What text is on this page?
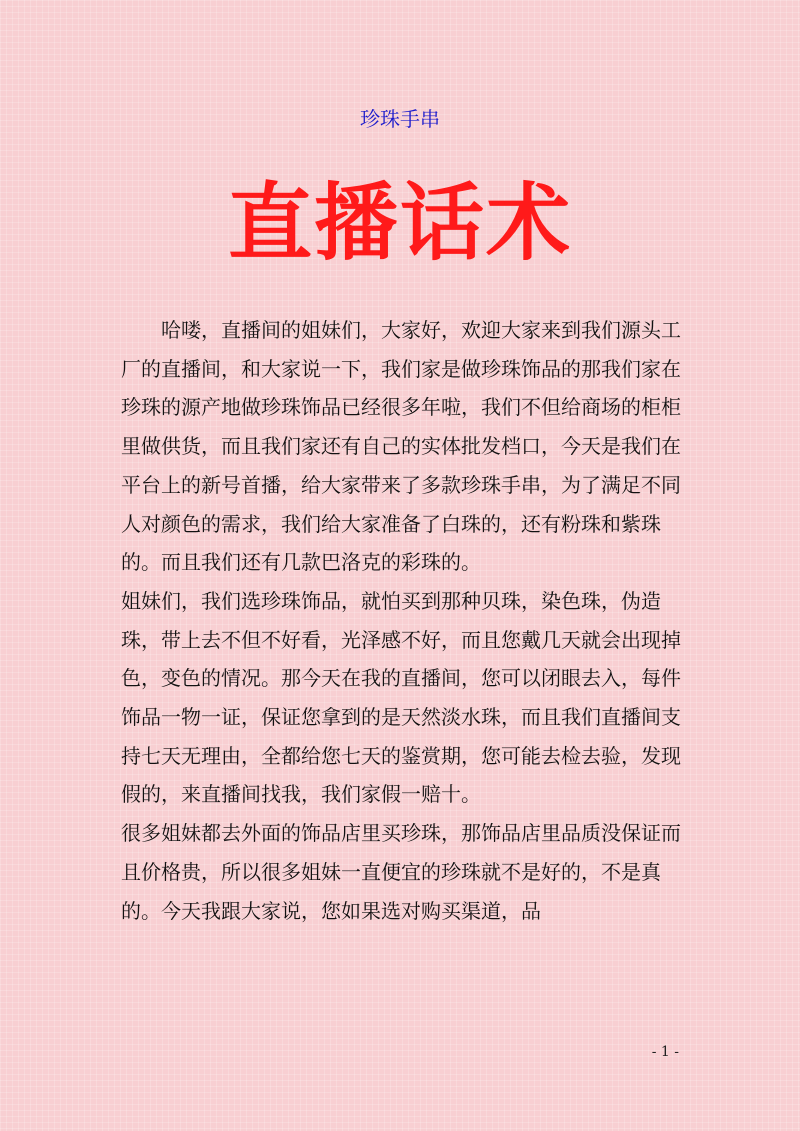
珍珠手串
直播话术

　　哈喽，直播间的姐妹们，大家好，欢迎大家来到我们源头工厂的直播间，和大家说一下，我们家是做珍珠饰品的那我们家在珍珠的源产地做珍珠饰品已经很多年啦，我们不但给商场的柜柜里做供货，而且我们家还有自己的实体批发档口，今天是我们在平台上的新号首播，给大家带来了多款珍珠手串，为了满足不同人对颜色的需求，我们给大家准备了白珠的，还有粉珠和紫珠的。而且我们还有几款巴洛克的彩珠的。

姐妹们，我们选珍珠饰品，就怕买到那种贝珠，染色珠，伪造珠，带上去不但不好看，光泽感不好，而且您戴几天就会出现掉色，变色的情况。那今天在我的直播间，您可以闭眼去入，每件饰品一物一证，保证您拿到的是天然淡水珠，而且我们直播间支持七天无理由，全都给您七天的鉴赏期，您可能去检去验，发现假的，来直播间找我，我们家假一赔十。

很多姐妹都去外面的饰品店里买珍珠，那饰品店里品质没保证而且价格贵，所以很多姐妹一直便宜的珍珠就不是好的，不是真的。今天我跟大家说，您如果选对购买渠道，品

- 1 -
